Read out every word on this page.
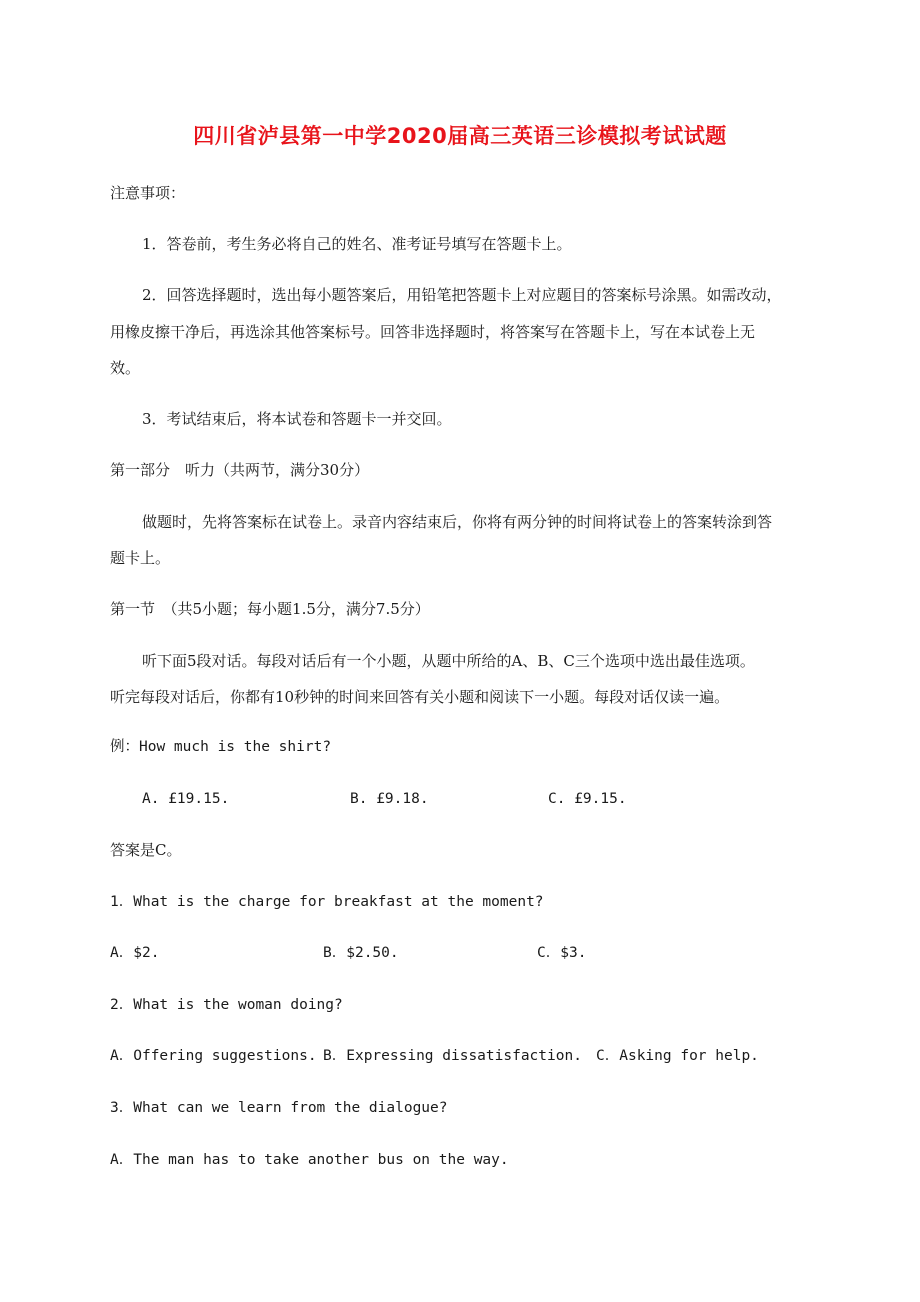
四川省泸县第一中学2020届高三英语三诊模拟考试试题
注意事项：
1．答卷前，考生务必将自己的姓名、准考证号填写在答题卡上。
2．回答选择题时，选出每小题答案后，用铅笔把答题卡上对应题目的答案标号涂黑。如需改动，
用橡皮擦干净后，再选涂其他答案标号。回答非选择题时，将答案写在答题卡上，写在本试卷上无
效。
3．考试结束后，将本试卷和答题卡一并交回。
第一部分　听力（共两节，满分30分）
做题时，先将答案标在试卷上。录音内容结束后，你将有两分钟的时间将试卷上的答案转涂到答
题卡上。
第一节　（共5小题；每小题1.5分，满分7.5分）
听下面5段对话。每段对话后有一个小题，从题中所给的A、B、C三个选项中选出最佳选项。
听完每段对话后，你都有10秒钟的时间来回答有关小题和阅读下一小题。每段对话仅读一遍。
例：How much is the shirt?
A. £19.15.	B. £9.18.	C. £9.15.
答案是C。
1．What is the charge for breakfast at the moment?
A．$2.	B．$2.50.	C．$3.
2．What is the woman doing?
A．Offering suggestions. B．Expressing dissatisfaction. C．Asking for help.
3．What can we learn from the dialogue?
A．The man has to take another bus on the way.
